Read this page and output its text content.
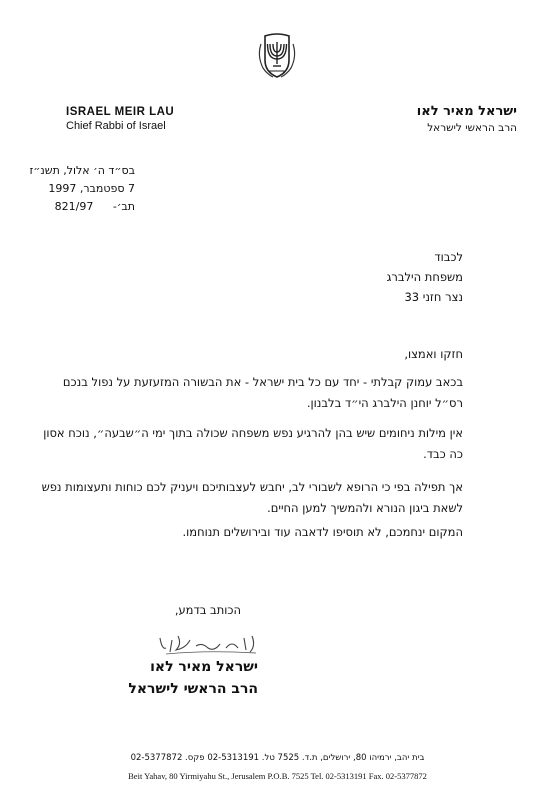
ISRAEL MEIR LAU
Chief Rabbi of Israel
ישראל מאיר לאו
הרב הראשי לישראל
בס״ד ה׳ אלול, תשנ״ז
7 ספטמבר, 1997
תב׳- 821/97
לכבוד
משפחת הילברג
נצר חזני 33
חזקו ואמצו,
בכאב עמוק קבלתי - יחד עם כל בית ישראל - את הבשורה המזעזעת על נפול בנכם רס״ל יוחנן הילברג הי״ד בלבנון.
אין מילות ניחומים שיש בהן להרגיע נפש משפחה שכולה בתוך ימי ה״שבעה״, נוכח אסון כה כבד.
אך תפילה בפי כי הרופא לשבורי לב, יחבש לעצבותיכם ויעניק לכם כוחות ותעצומות נפש לשאת ביגון הנורא ולהמשיך למען החיים.
המקום ינחמכם, לא תוסיפו לדאבה עוד ובירושלים תנוחמו.
הכותב בדמע,
ישראל מאיר לאו
הרב הראשי לישראל
בית יהב, ירמיהו 80, ירושלים, ת.ד. 7525 טל. 02-5313191 פקס. 02-5377872
Beit Yahav, 80 Yirmiyahu St., Jerusalem P.O.B. 7525 Tel. 02-5313191 Fax. 02-5377872
